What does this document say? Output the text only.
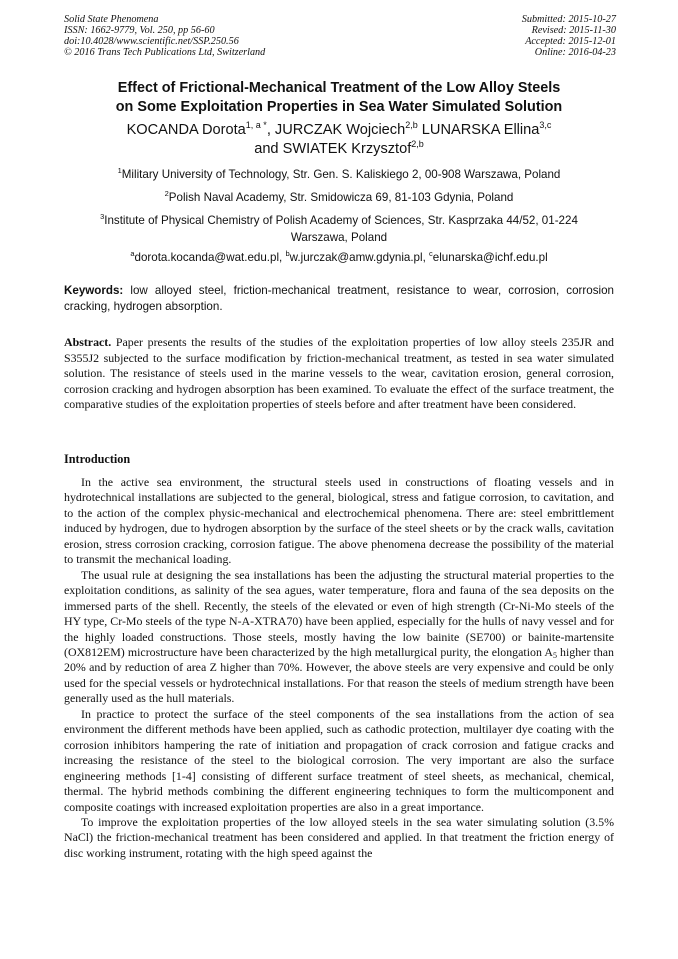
Solid State Phenomena
ISSN: 1662-9779, Vol. 250, pp 56-60
doi:10.4028/www.scientific.net/SSP.250.56
© 2016 Trans Tech Publications Ltd, Switzerland
Submitted: 2015-10-27
Revised: 2015-11-30
Accepted: 2015-12-01
Online: 2016-04-23
Effect of Frictional-Mechanical Treatment of the Low Alloy Steels
on Some Exploitation Properties in Sea Water Simulated Solution
KOCANDA Dorota$^{1, a *}$, JURCZAK Wojciech$^{2,b}$ LUNARSKA Ellina$^{3,c}$
and SWIATEK Krzysztof$^{2,b}$
$^1$Military University of Technology, Str. Gen. S. Kaliskiego 2, 00-908 Warszawa, Poland
$^2$Polish Naval Academy, Str. Smidowicza 69, 81-103 Gdynia, Poland
$^3$Institute of Physical Chemistry of Polish Academy of Sciences, Str. Kasprzaka 44/52, 01-224
Warszawa, Poland
$^a$dorota.kocanda@wat.edu.pl, $^b$w.jurczak@amw.gdynia.pl, $^c$elunarska@ichf.edu.pl
Keywords: low alloyed steel, friction-mechanical treatment, resistance to wear, corrosion, corrosion cracking, hydrogen absorption.
Abstract. Paper presents the results of the studies of the exploitation properties of low alloy steels 235JR and S355J2 subjected to the surface modification by friction-mechanical treatment, as tested in sea water simulated solution. The resistance of steels used in the marine vessels to the wear, cavitation erosion, general corrosion, corrosion cracking and hydrogen absorption has been examined. To evaluate the effect of the surface treatment, the comparative studies of the exploitation properties of steels before and after treatment have been considered.
Introduction

In the active sea environment, the structural steels used in constructions of floating vessels and in hydrotechnical installations are subjected to the general, biological, stress and fatigue corrosion, to cavitation, and to the action of the complex physic-mechanical and electrochemical phenomena. There are: steel embrittlement induced by hydrogen, due to hydrogen absorption by the surface of the steel sheets or by the crack walls, cavitation erosion, stress corrosion cracking, corrosion fatigue. The above phenomena decrease the possibility of the material to transmit the mechanical loading.

The usual rule at designing the sea installations has been the adjusting the structural material properties to the exploitation conditions, as salinity of the sea agues, water temperature, flora and fauna of the sea deposits on the immersed parts of the shell. Recently, the steels of the elevated or even of high strength (Cr-Ni-Mo steels of the HY type, Cr-Mo steels of the type N-A-XTRA70) have been applied, especially for the hulls of navy vessel and for the highly loaded constructions. Those steels, mostly having the low bainite (SE700) or bainite-martensite (OX812EM) microstructure have been characterized by the high metallurgical purity, the elongation $A_5$ higher than 20% and by reduction of area Z higher than 70%. However, the above steels are very expensive and could be only used for the special vessels or hydrotechnical installations. For that reason the steels of medium strength have been generally used as the hull materials.

In practice to protect the surface of the steel components of the sea installations from the action of sea environment the different methods have been applied, such as cathodic protection, multilayer dye coating with the corrosion inhibitors hampering the rate of initiation and propagation of crack corrosion and fatigue cracks and increasing the resistance of the steel to the biological corrosion. The very important are also the surface engineering methods [1-4] consisting of different surface treatment of steel sheets, as mechanical, chemical, thermal. The hybrid methods combining the different engineering techniques to form the multicomponent and composite coatings with increased exploitation properties are also in a great importance.

To improve the exploitation properties of the low alloyed steels in the sea water simulating solution (3.5% NaCl) the friction-mechanical treatment has been considered and applied. In that treatment the friction energy of disc working instrument, rotating with the high speed against the
